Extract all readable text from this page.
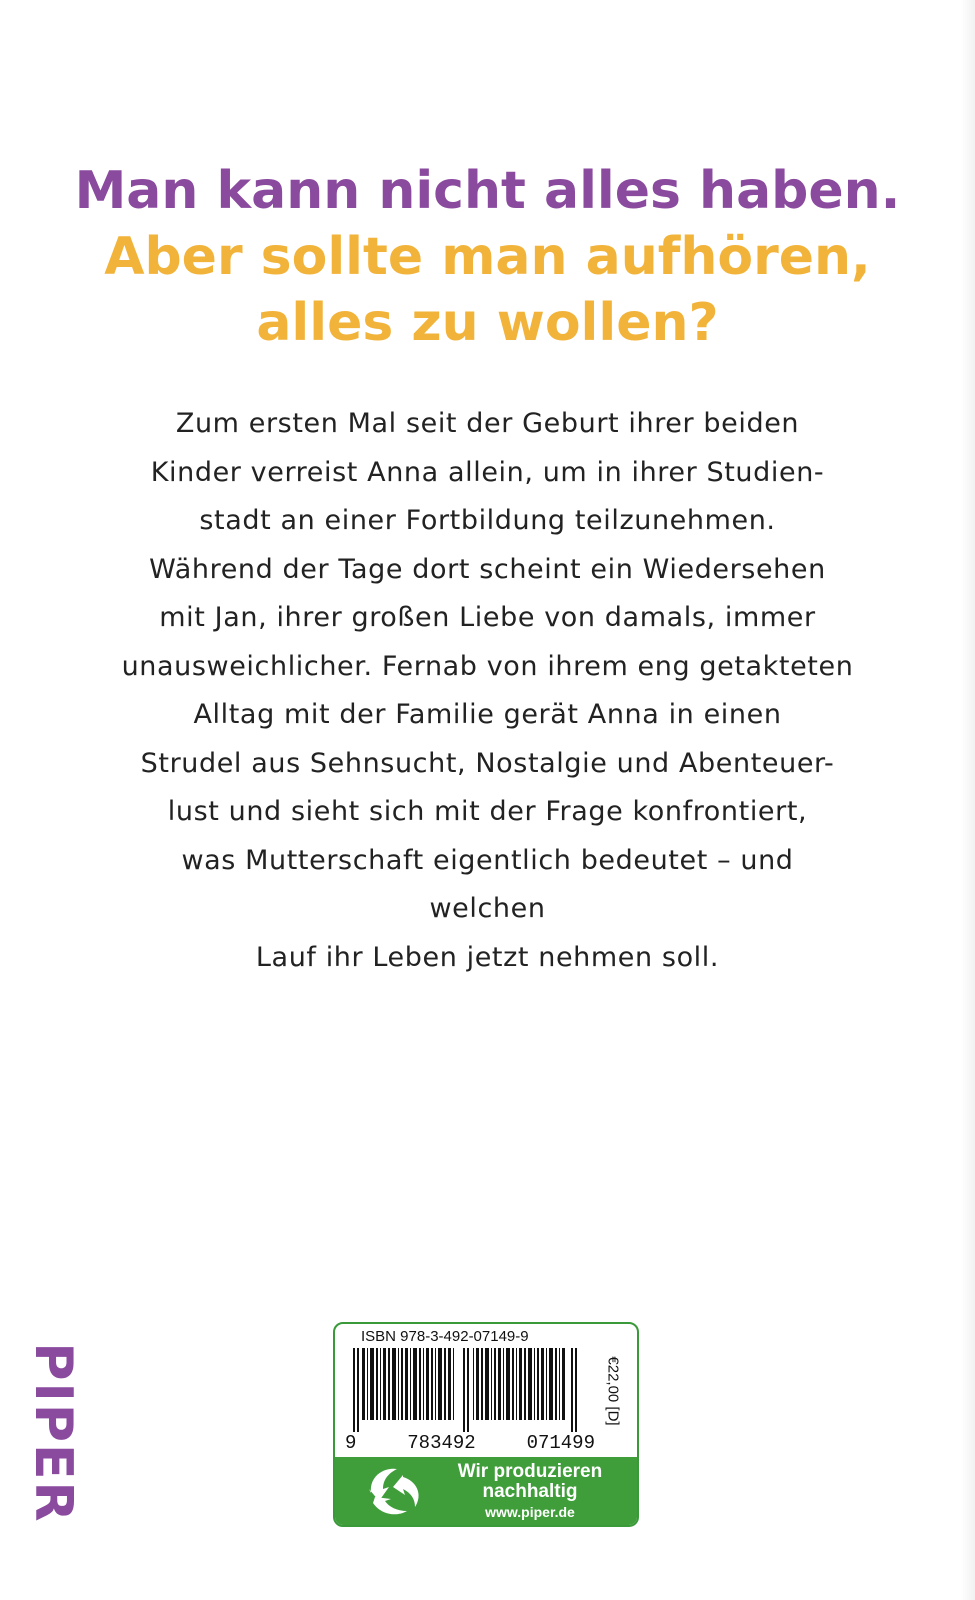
Man kann nicht alles haben.
Aber sollte man aufhören,
alles zu wollen?
Zum ersten Mal seit der Geburt ihrer beiden
Kinder verreist Anna allein, um in ihrer Studien-
stadt an einer Fortbildung teilzunehmen.
Während der Tage dort scheint ein Wiedersehen
mit Jan, ihrer großen Liebe von damals, immer
unausweichlicher. Fernab von ihrem eng getakteten
Alltag mit der Familie gerät Anna in einen
Strudel aus Sehnsucht, Nostalgie und Abenteuer-
lust und sieht sich mit der Frage konfrontiert,
was Mutterschaft eigentlich bedeutet – und welchen
Lauf ihr Leben jetzt nehmen soll.
PIPER
ISBN 978-3-492-07149-9
9	783492	071499
€22,00 [D]
Wir produzieren
nachhaltig
www.piper.de
